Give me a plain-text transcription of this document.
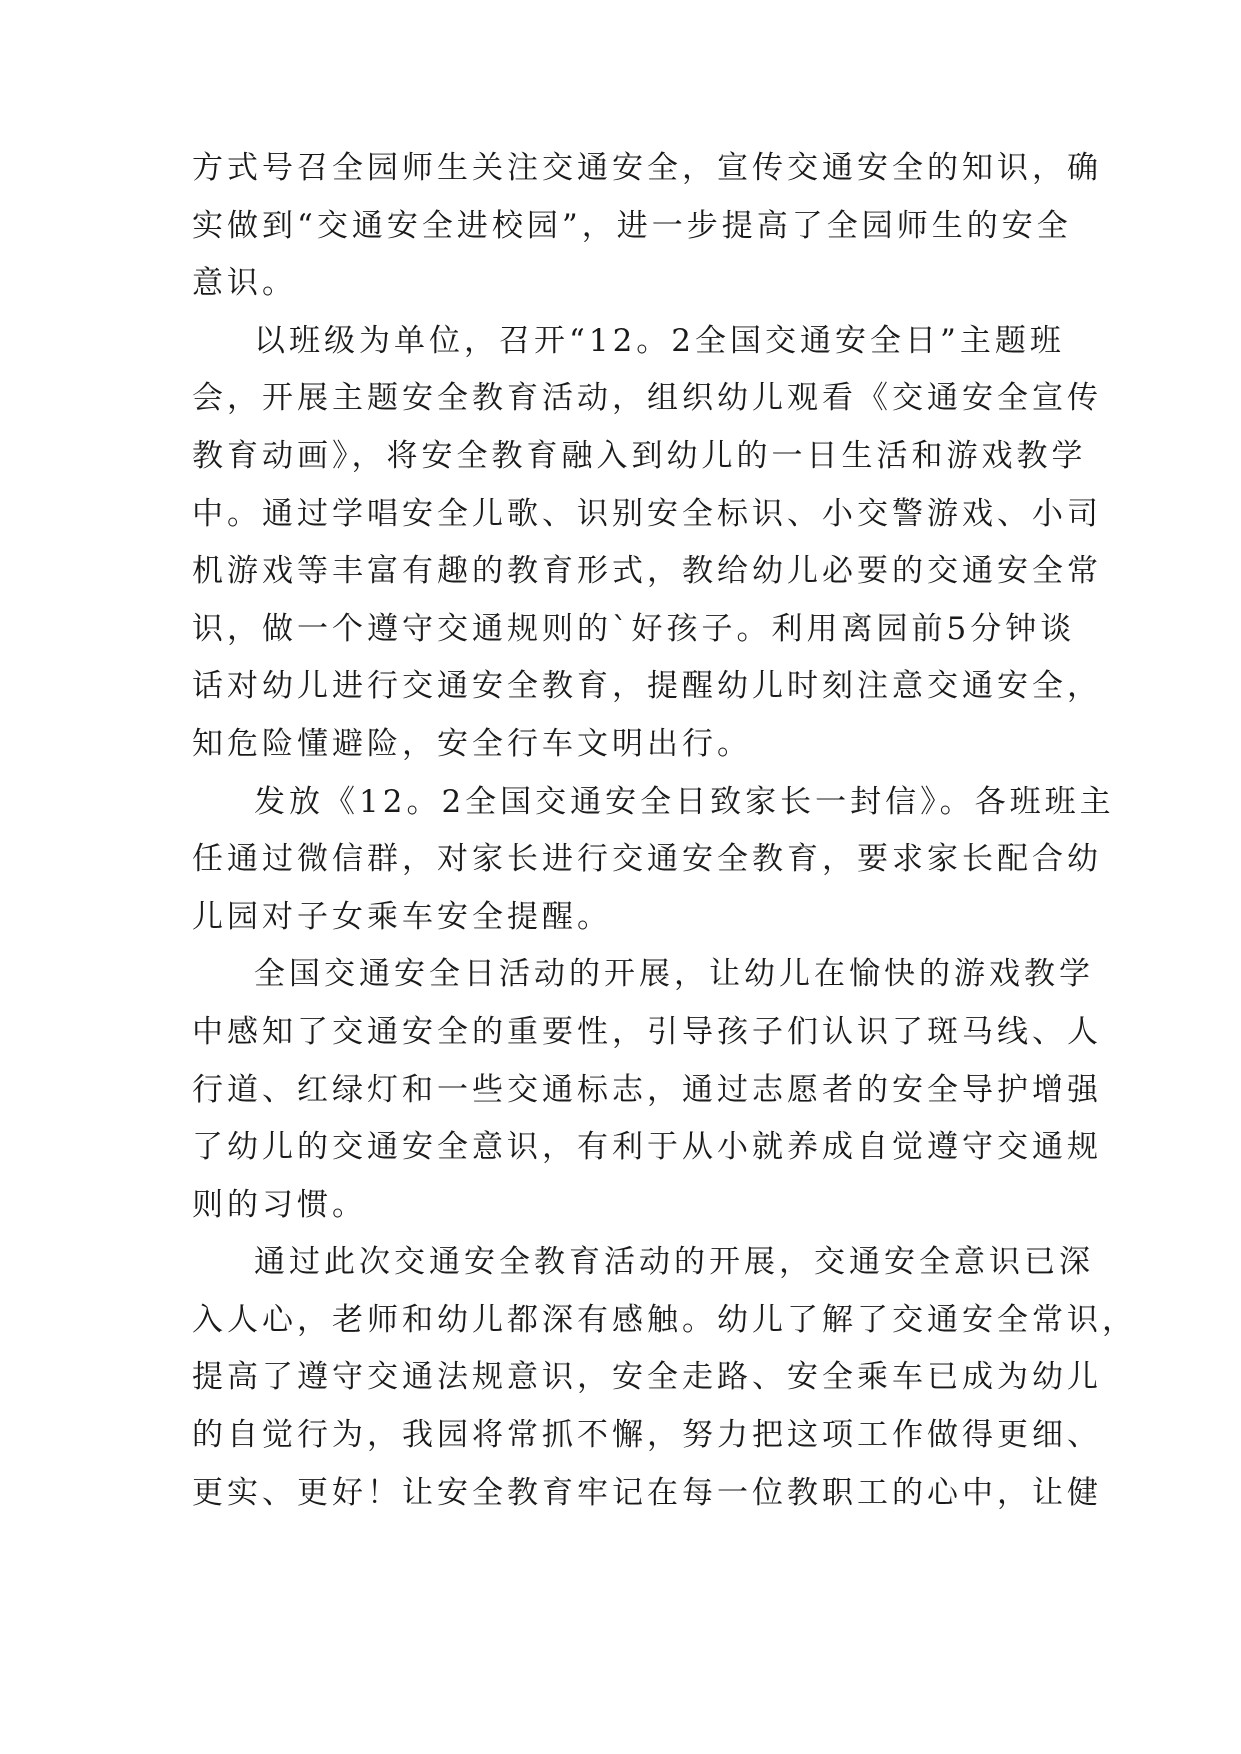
方式号召全园师生关注交通安全，宣传交通安全的知识，确
实做到“交通安全进校园”，进一步提高了全园师生的安全
意识。
以班级为单位，召开“12。2全国交通安全日”主题班
会，开展主题安全教育活动，组织幼儿观看《交通安全宣传
教育动画》，将安全教育融入到幼儿的一日生活和游戏教学
中。通过学唱安全儿歌、识别安全标识、小交警游戏、小司
机游戏等丰富有趣的教育形式，教给幼儿必要的交通安全常
识，做一个遵守交通规则的`好孩子。利用离园前5分钟谈
话对幼儿进行交通安全教育，提醒幼儿时刻注意交通安全，
知危险懂避险，安全行车文明出行。
发放《12。2全国交通安全日致家长一封信》。各班班主
任通过微信群，对家长进行交通安全教育，要求家长配合幼
儿园对子女乘车安全提醒。
全国交通安全日活动的开展，让幼儿在愉快的游戏教学
中感知了交通安全的重要性，引导孩子们认识了斑马线、人
行道、红绿灯和一些交通标志，通过志愿者的安全导护增强
了幼儿的交通安全意识，有利于从小就养成自觉遵守交通规
则的习惯。
通过此次交通安全教育活动的开展，交通安全意识已深
入人心，老师和幼儿都深有感触。幼儿了解了交通安全常识，
提高了遵守交通法规意识，安全走路、安全乘车已成为幼儿
的自觉行为，我园将常抓不懈，努力把这项工作做得更细、
更实、更好！让安全教育牢记在每一位教职工的心中，让健
